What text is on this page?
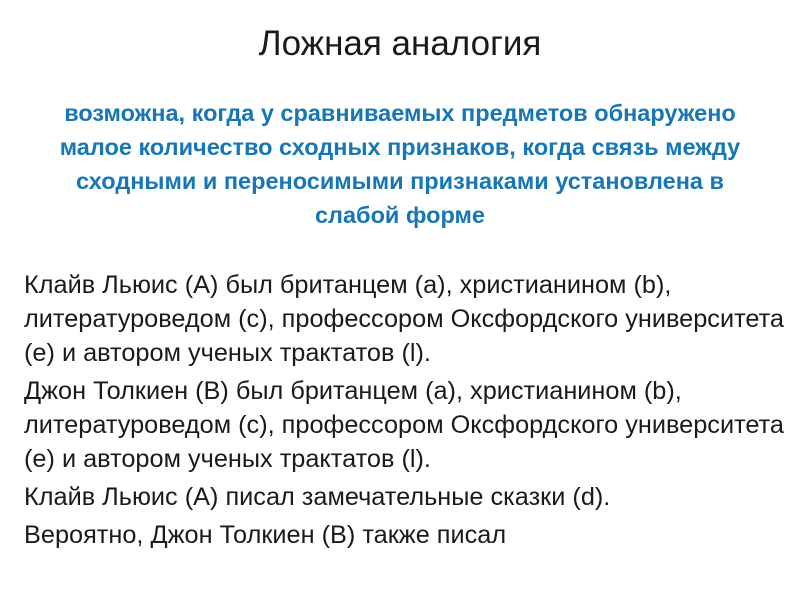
Ложная аналогия

возможна, когда у сравниваемых предметов обнаружено малое количество сходных признаков, когда связь между сходными и переносимыми признаками установлена в слабой форме

Клайв Льюис (А) был британцем (а), христианином (b), литературоведом (с), профессором Оксфордского университета (е) и автором ученых трактатов (l).

Джон Толкиен (В) был британцем (а), христианином (b), литературоведом (с), профессором Оксфордского университета (е) и автором ученых трактатов (l).

Клайв Льюис (А) писал замечательные сказки (d).

Вероятно, Джон Толкиен (В) также писал
